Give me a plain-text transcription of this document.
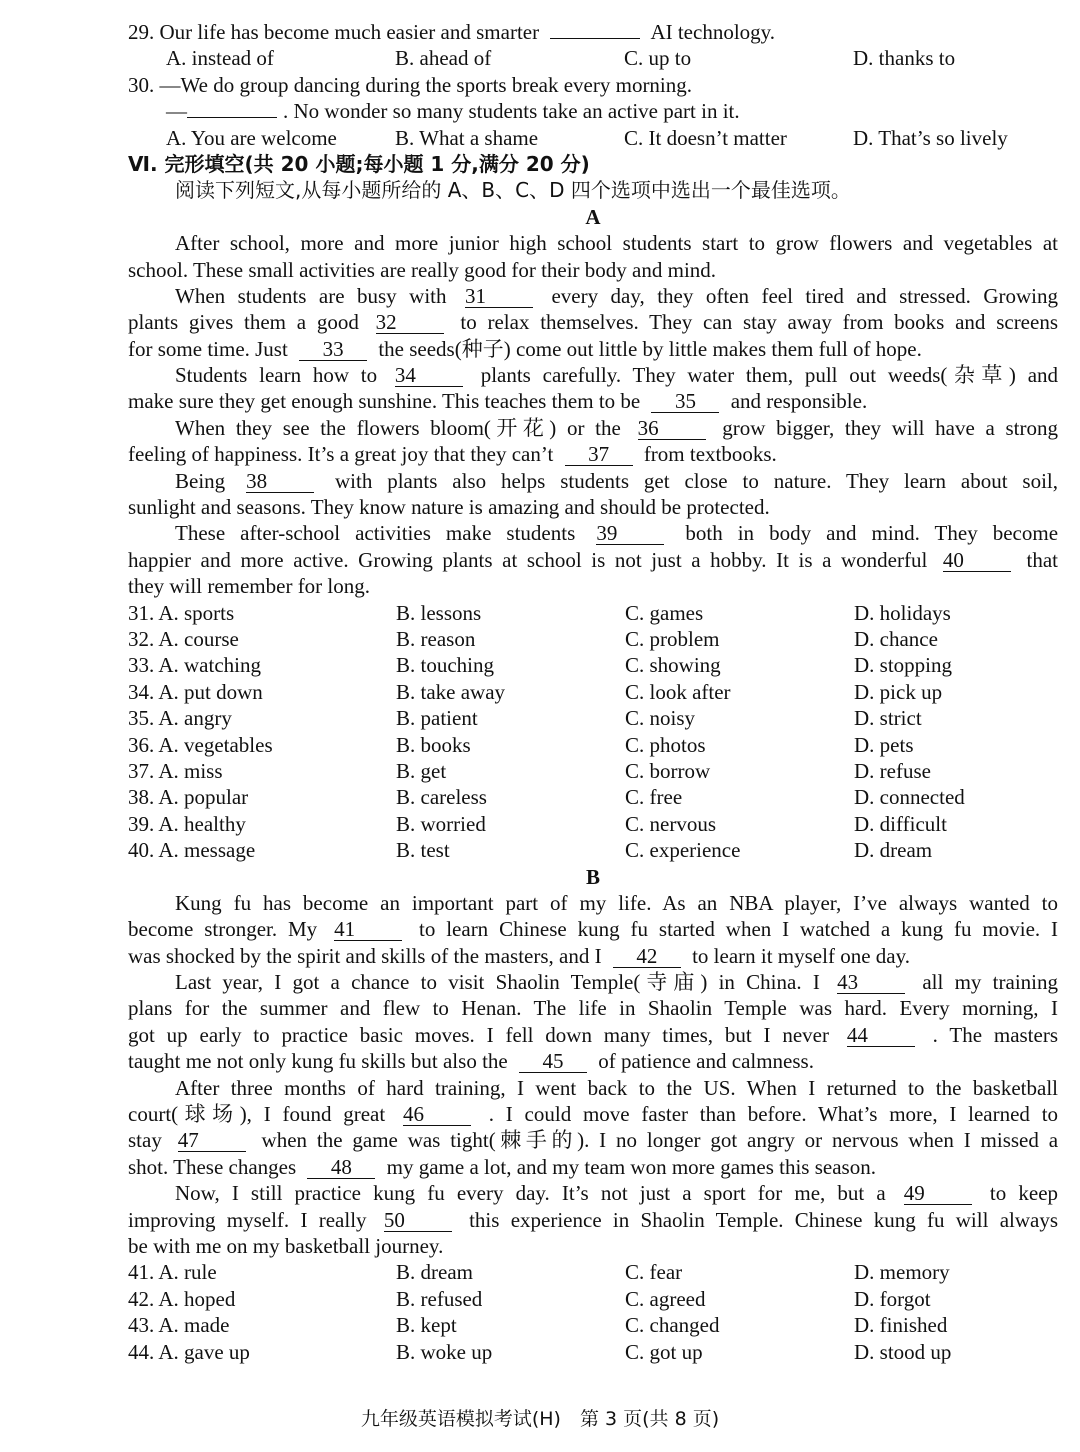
29. Our life has become much easier and smarter	AI technology.
A. instead of	B. ahead of	C. up to	D. thanks to
30. —We do group dancing during the sports break every morning.
—	. No wonder so many students take an active part in it.
A. You are welcome	B. What a shame	C. It doesn’t matter	D. That’s so lively
Ⅵ. 完形填空(共 20 小题;每小题 1 分,满分 20 分)
阅读下列短文,从每小题所给的 A、B、C、D 四个选项中选出一个最佳选项。
A
After school, more and more junior high school students start to grow flowers and vegetables at
school. These small activities are really good for their body and mind.
When students are busy with 31	every day, they often feel tired and stressed. Growing
plants gives them a good 32	to relax themselves. They can stay away from books and screens
for some time. Just 33 the seeds(种子) come out little by little makes them full of hope.
Students learn how to 34	plants carefully. They water them, pull out weeds(杂草) and
make sure they get enough sunshine. This teaches them to be 35 and responsible.
When they see the flowers bloom(开花) or the 36	grow bigger, they will have a strong
feeling of happiness. It’s a great joy that they can’t 37 from textbooks.
Being 38	with plants also helps students get close to nature. They learn about soil,
sunlight and seasons. They know nature is amazing and should be protected.
These after-school activities make students 39	both in body and mind. They become
happier and more active. Growing plants at school is not just a hobby. It is a wonderful 40	that
they will remember for long.
31. A. sports	B. lessons	C. games	D. holidays
32. A. course	B. reason	C. problem	D. chance
33. A. watching	B. touching	C. showing	D. stopping
34. A. put down	B. take away	C. look after	D. pick up
35. A. angry	B. patient	C. noisy	D. strict
36. A. vegetables	B. books	C. photos	D. pets
37. A. miss	B. get	C. borrow	D. refuse
38. A. popular	B. careless	C. free	D. connected
39. A. healthy	B. worried	C. nervous	D. difficult
40. A. message	B. test	C. experience	D. dream
B
Kung fu has become an important part of my life. As an NBA player, I’ve always wanted to
become stronger. My 41	to learn Chinese kung fu started when I watched a kung fu movie. I
was shocked by the spirit and skills of the masters, and I 42 to learn it myself one day.
Last year, I got a chance to visit Shaolin Temple(寺庙) in China. I 43	all my training
plans for the summer and flew to Henan. The life in Shaolin Temple was hard. Every morning, I
got up early to practice basic moves. I fell down many times, but I never 44	. The masters
taught me not only kung fu skills but also the 45 of patience and calmness.
After three months of hard training, I went back to the US. When I returned to the basketball
court(球场), I found great 46	. I could move faster than before. What’s more, I learned to
stay 47	when the game was tight(棘手的). I no longer got angry or nervous when I missed a
shot. These changes 48 my game a lot, and my team won more games this season.
Now, I still practice kung fu every day. It’s not just a sport for me, but a 49	to keep
improving myself. I really 50	this experience in Shaolin Temple. Chinese kung fu will always
be with me on my basketball journey.
41. A. rule	B. dream	C. fear	D. memory
42. A. hoped	B. refused	C. agreed	D. forgot
43. A. made	B. kept	C. changed	D. finished
44. A. gave up	B. woke up	C. got up	D. stood up
九年级英语模拟考试(H)　第 3 页(共 8 页)
